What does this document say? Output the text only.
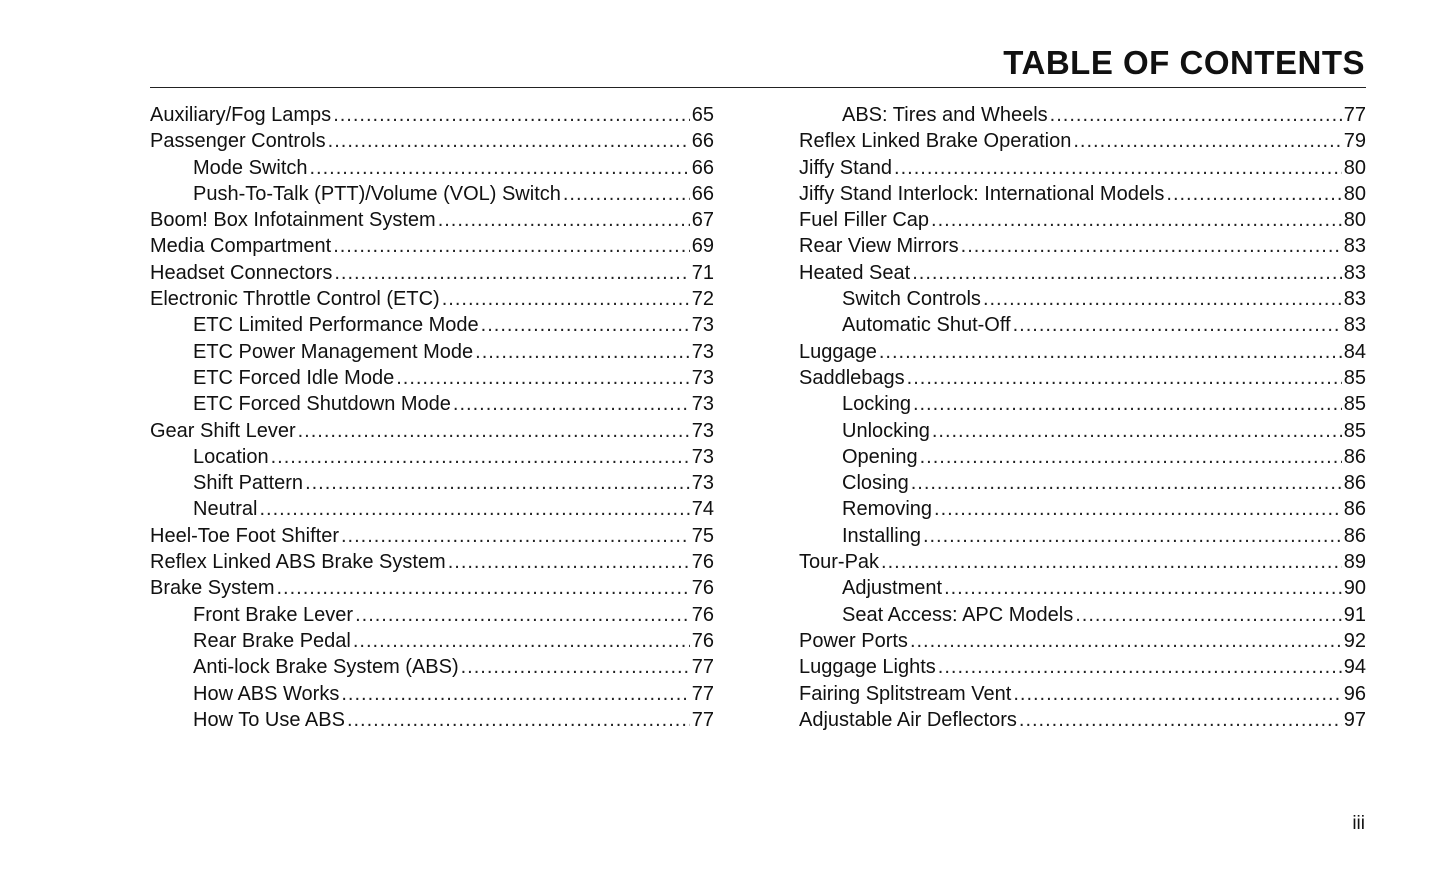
TABLE OF CONTENTS
Auxiliary/Fog Lamps .....	65
Passenger Controls .....	66
Mode Switch .....	66
Push-To-Talk (PTT)/Volume (VOL) Switch .....	66
Boom! Box Infotainment System .....	67
Media Compartment .....	69
Headset Connectors .....	71
Electronic Throttle Control (ETC) .....	72
ETC Limited Performance Mode .....	73
ETC Power Management Mode .....	73
ETC Forced Idle Mode .....	73
ETC Forced Shutdown Mode .....	73
Gear Shift Lever .....	73
Location .....	73
Shift Pattern .....	73
Neutral .....	74
Heel-Toe Foot Shifter .....	75
Reflex Linked ABS Brake System .....	76
Brake System .....	76
Front Brake Lever .....	76
Rear Brake Pedal .....	76
Anti-lock Brake System (ABS) .....	77
How ABS Works .....	77
How To Use ABS .....	77
ABS: Tires and Wheels .....	77
Reflex Linked Brake Operation .....	79
Jiffy Stand .....	80
Jiffy Stand Interlock: International Models .....	80
Fuel Filler Cap .....	80
Rear View Mirrors .....	83
Heated Seat .....	83
Switch Controls .....	83
Automatic Shut-Off .....	83
Luggage .....	84
Saddlebags .....	85
Locking .....	85
Unlocking .....	85
Opening .....	86
Closing .....	86
Removing .....	86
Installing .....	86
Tour-Pak .....	89
Adjustment .....	90
Seat Access: APC Models .....	91
Power Ports .....	92
Luggage Lights .....	94
Fairing Splitstream Vent .....	96
Adjustable Air Deflectors .....	97
iii
